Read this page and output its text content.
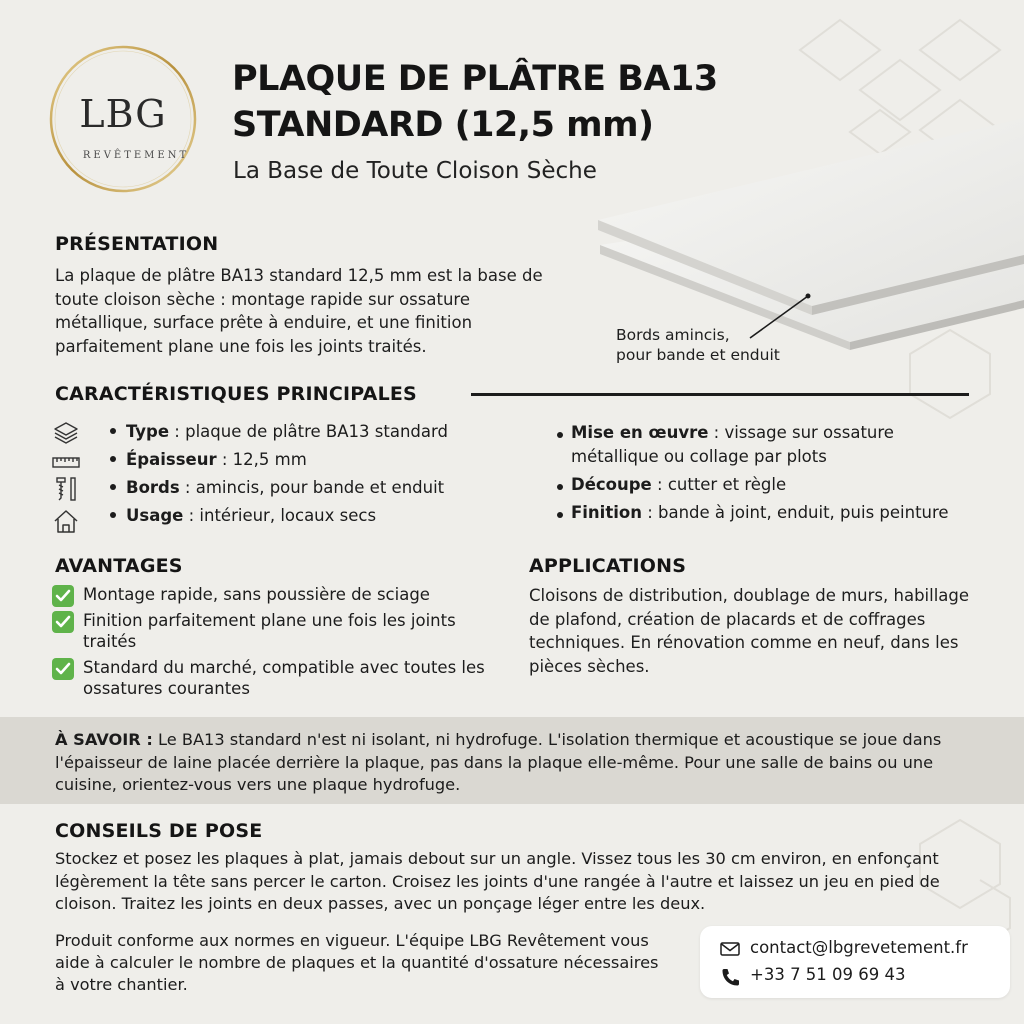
LBG
REVÊTEMENT
PLAQUE DE PLÂTRE BA13
STANDARD (12,5 mm)
La Base de Toute Cloison Sèche
PRÉSENTATION
La plaque de plâtre BA13 standard 12,5 mm est la base de toute cloison sèche : montage rapide sur ossature métallique, surface prête à enduire, et une finition parfaitement plane une fois les joints traités.
Bords amincis,
pour bande et enduit
CARACTÉRISTIQUES PRINCIPALES
Type : plaque de plâtre BA13 standard
Épaisseur : 12,5 mm
Bords : amincis, pour bande et enduit
Usage : intérieur, locaux secs
Mise en œuvre : vissage sur ossature métallique ou collage par plots
Découpe : cutter et règle
Finition : bande à joint, enduit, puis peinture
AVANTAGES
Montage rapide, sans poussière de sciage
Finition parfaitement plane une fois les joints traités
Standard du marché, compatible avec toutes les ossatures courantes
APPLICATIONS
Cloisons de distribution, doublage de murs, habillage de plafond, création de placards et de coffrages techniques. En rénovation comme en neuf, dans les pièces sèches.
À SAVOIR : Le BA13 standard n'est ni isolant, ni hydrofuge. L'isolation thermique et acoustique se joue dans l'épaisseur de laine placée derrière la plaque, pas dans la plaque elle-même. Pour une salle de bains ou une cuisine, orientez-vous vers une plaque hydrofuge.
CONSEILS DE POSE
Stockez et posez les plaques à plat, jamais debout sur un angle. Vissez tous les 30 cm environ, en enfonçant légèrement la tête sans percer le carton. Croisez les joints d'une rangée à l'autre et laissez un jeu en pied de cloison. Traitez les joints en deux passes, avec un ponçage léger entre les deux.
Produit conforme aux normes en vigueur. L'équipe LBG Revêtement vous aide à calculer le nombre de plaques et la quantité d'ossature nécessaires à votre chantier.
contact@lbgrevetement.fr
+33 7 51 09 69 43
